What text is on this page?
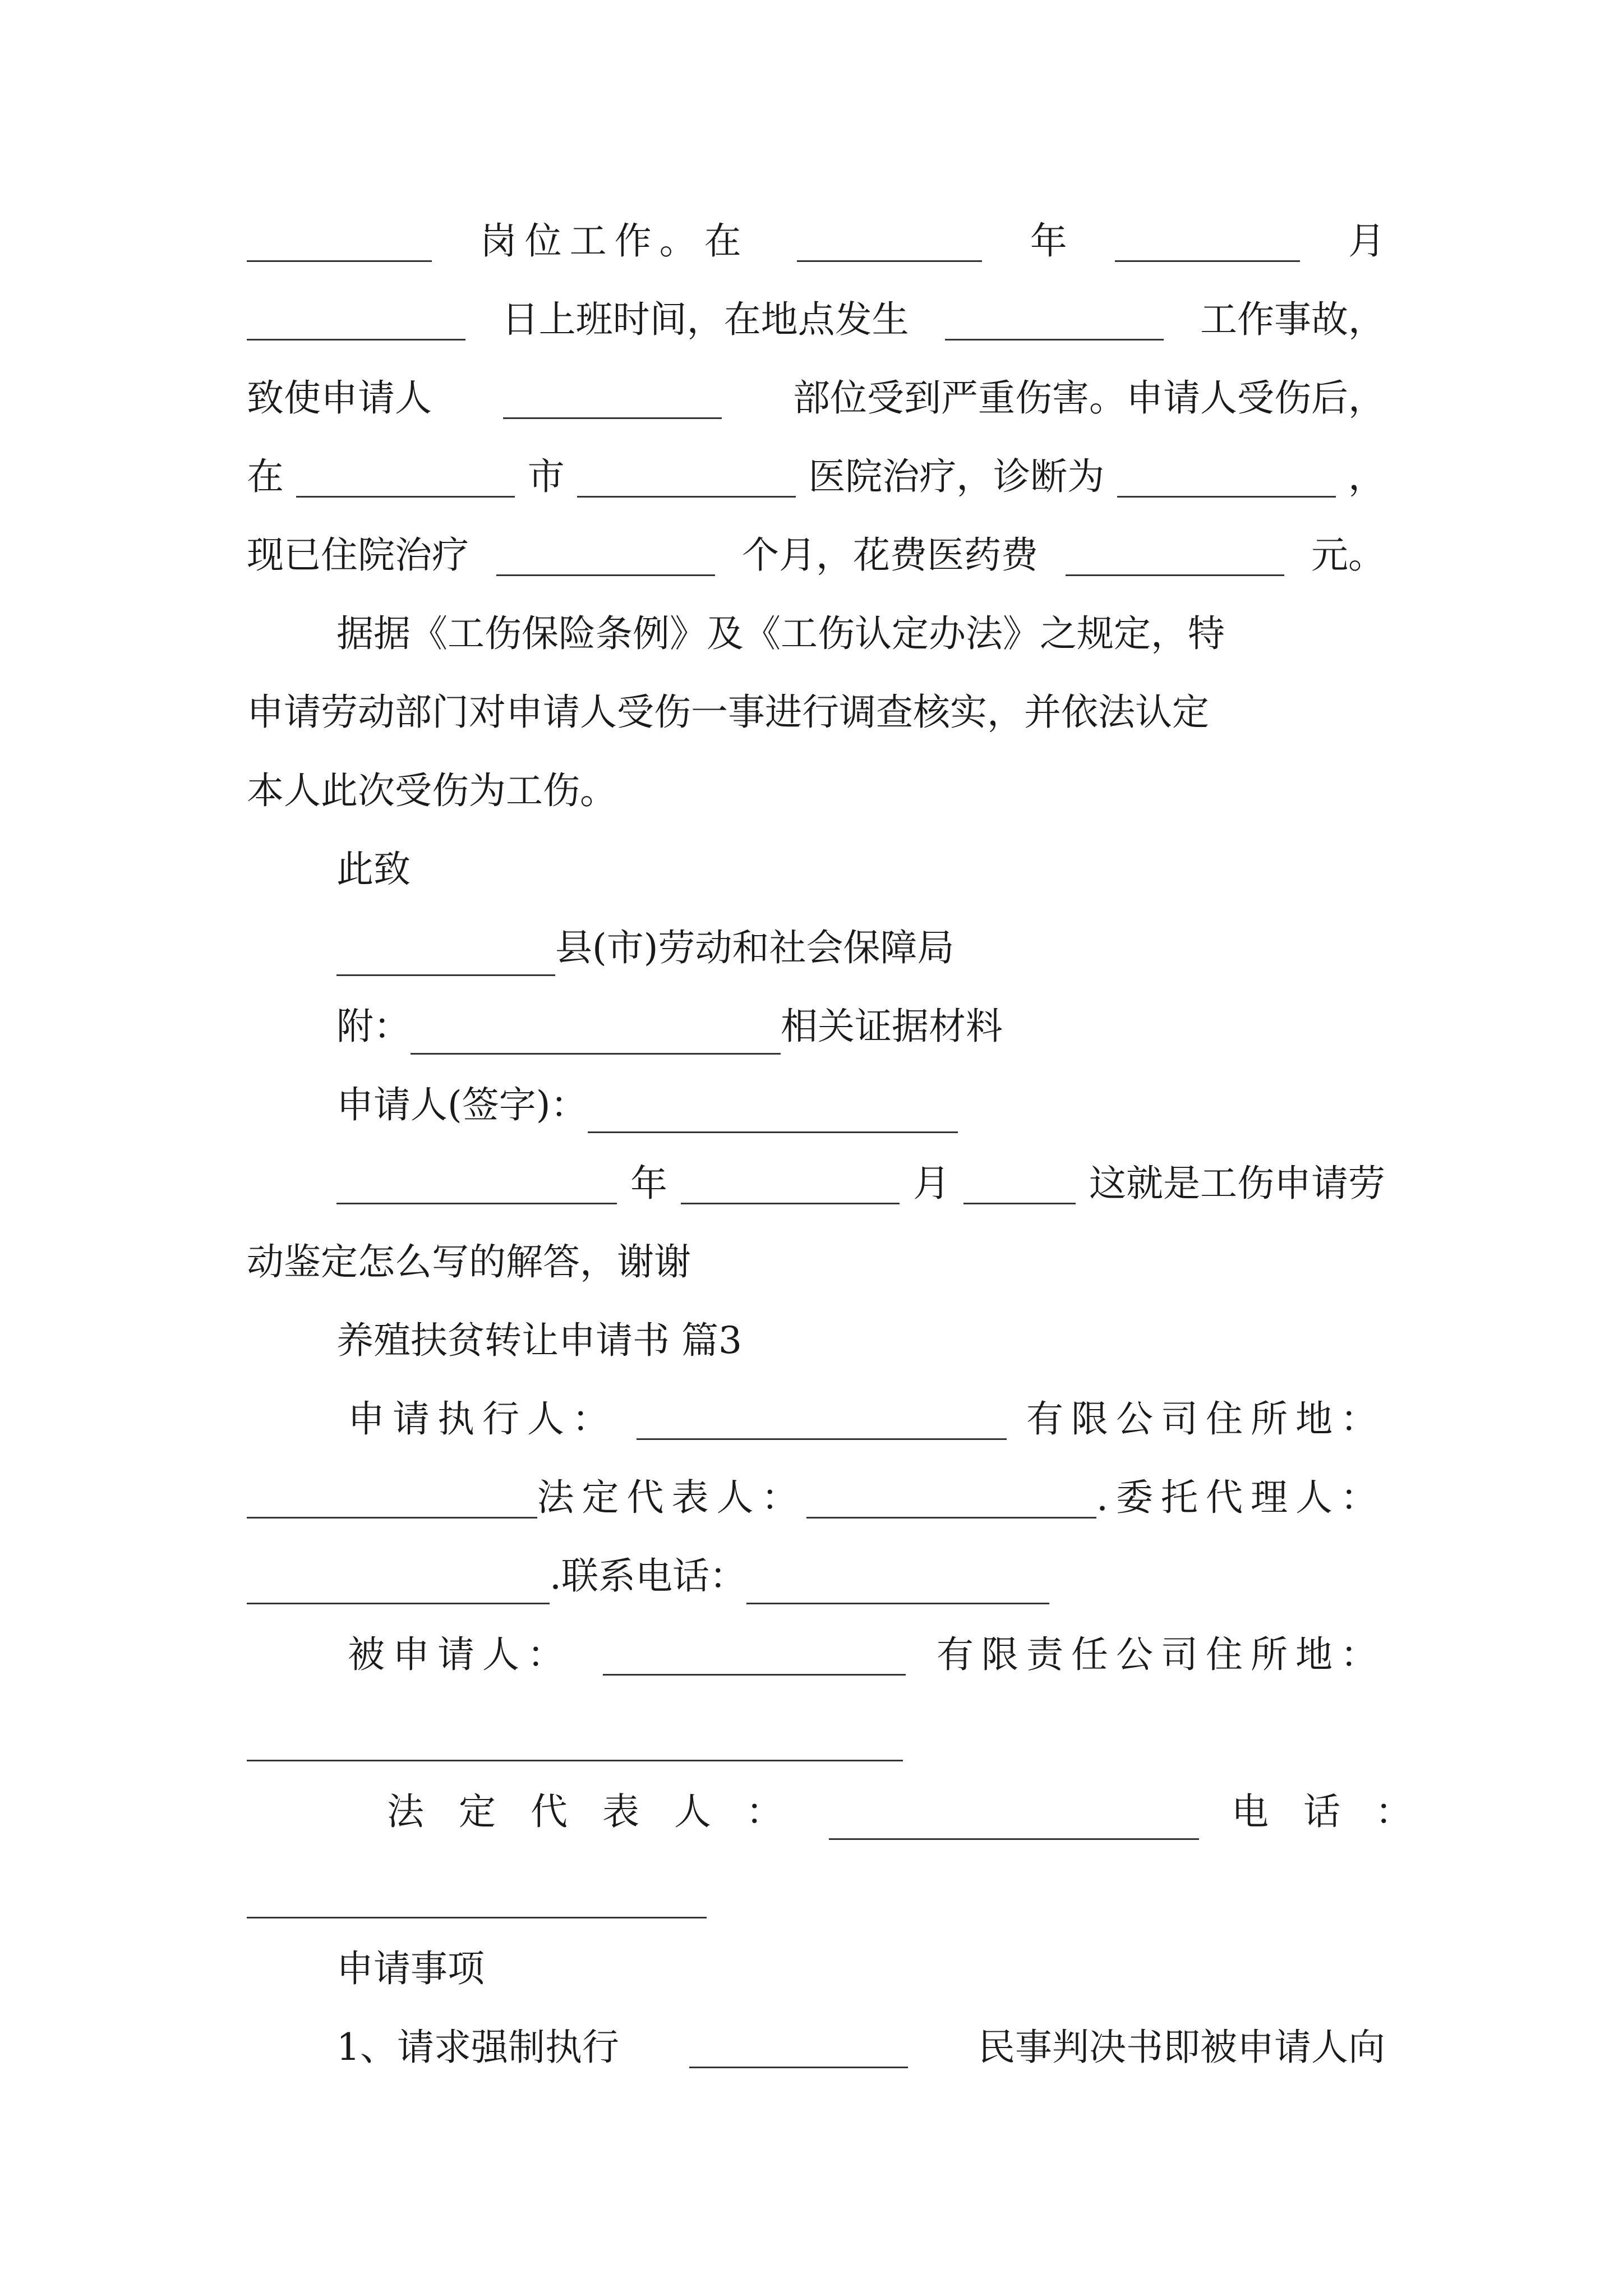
岗位工作。在	年	月
日上班时间，在地点发生	工作事故，
致使申请人	部位受到严重伤害。申请人受伤后，
在	市	医院治疗，诊断为	，
现已住院治疗	个月，花费医药费	元。
据据《工伤保险条例》及《工伤认定办法》之规定，特
申请劳动部门对申请人受伤一事进行调查核实，并依法认定
本人此次受伤为工伤。
此致
县(市)劳动和社会保障局
附：	相关证据材料
申请人(签字)：
年	月	这就是工伤申请劳
动鉴定怎么写的解答，谢谢
养殖扶贫转让申请书 篇3
申请执行人：	有限公司住所地：
法定代表人：	.委托代理人：
.联系电话：
被申请人：	有限责任公司住所地：
法定代表人：	电话：
申请事项
1、请求强制执行	民事判决书即被申请人向
